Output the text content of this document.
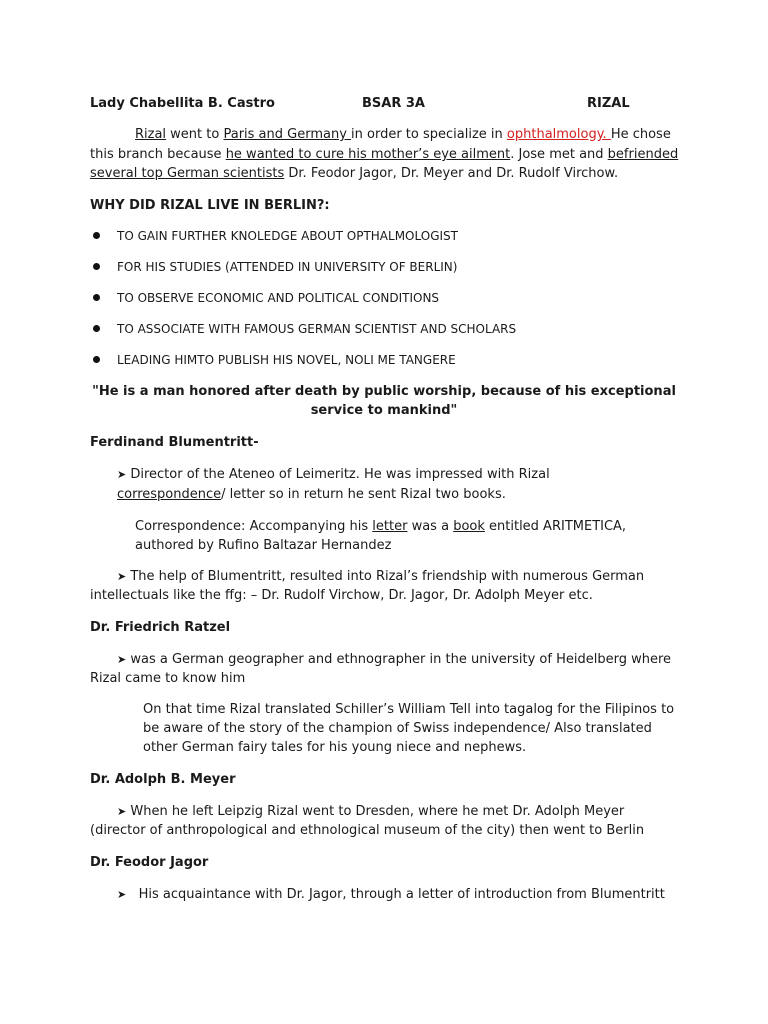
Lady Chabellita B. Castro	BSAR 3A	RIZAL
Rizal went to Paris and Germany in order to specialize in ophthalmology. He chose
this branch because he wanted to cure his mother’s eye ailment. Jose met and befriended
several top German scientists Dr. Feodor Jagor, Dr. Meyer and Dr. Rudolf Virchow.
WHY DID RIZAL LIVE IN BERLIN?:
TO GAIN FURTHER KNOLEDGE ABOUT OPTHALMOLOGIST
FOR HIS STUDIES (ATTENDED IN UNIVERSITY OF BERLIN)
TO OBSERVE ECONOMIC AND POLITICAL CONDITIONS
TO ASSOCIATE WITH FAMOUS GERMAN SCIENTIST AND SCHOLARS
LEADING HIMTO PUBLISH HIS NOVEL, NOLI ME TANGERE
"He is a man honored after death by public worship, because of his exceptional service to mankind"
Ferdinand Blumentritt-
➤ Director of the Ateneo of Leimeritz. He was impressed with Rizal
correspondence/ letter so in return he sent Rizal two books.
Correspondence: Accompanying his letter was a book entitled ARITMETICA,
authored by Rufino Baltazar Hernandez
➤ The help of Blumentritt, resulted into Rizal’s friendship with numerous German
intellectuals like the ffg: – Dr. Rudolf Virchow, Dr. Jagor, Dr. Adolph Meyer etc.
Dr. Friedrich Ratzel
➤ was a German geographer and ethnographer in the university of Heidelberg where
Rizal came to know him
On that time Rizal translated Schiller’s William Tell into tagalog for the Filipinos to
be aware of the story of the champion of Swiss independence/ Also translated
other German fairy tales for his young niece and nephews.
Dr. Adolph B. Meyer
➤ When he left Leipzig Rizal went to Dresden, where he met Dr. Adolph Meyer
(director of anthropological and ethnological museum of the city) then went to Berlin
Dr. Feodor Jagor
➤ His acquaintance with Dr. Jagor, through a letter of introduction from Blumentritt
